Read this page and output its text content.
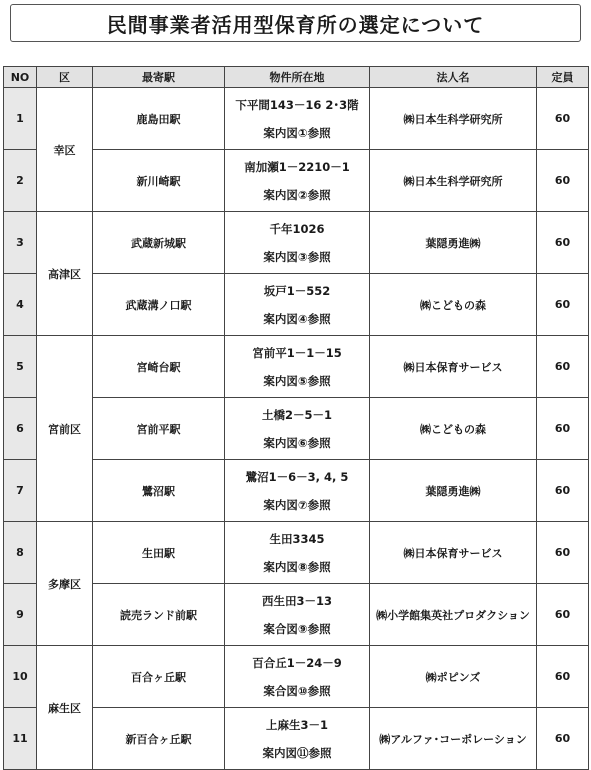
民間事業者活用型保育所の選定について
NO	区	最寄駅	物件所在地	法人名	定員
1	幸区	鹿島田駅	下平間143－16 2･3階
案内図①参照	㈱日本生科学研究所	60
2		新川崎駅	南加瀬1－2210－1
案内図②参照	㈱日本生科学研究所	60
3	高津区	武蔵新城駅	千年1026
案内図③参照	葉隠勇進㈱	60
4		武蔵溝ノ口駅	坂戸1－552
案内図④参照	㈱こどもの森	60
5	宮前区	宮崎台駅	宮前平1－1－15
案内図⑤参照	㈱日本保育サービス	60
6		宮前平駅	土橋2－5－1
案内図⑥参照	㈱こどもの森	60
7		鷺沼駅	鷺沼1－6－3, 4, 5
案内図⑦参照	葉隠勇進㈱	60
8	多摩区	生田駅	生田3345
案内図⑧参照	㈱日本保育サービス	60
9		読売ランド前駅	西生田3－13
案合図⑨参照	㈱小学館集英社プロダクション	60
10	麻生区	百合ヶ丘駅	百合丘1－24－9
案合図⑩参照	㈱ポピンズ	60
11		新百合ヶ丘駅	上麻生3－1
案内図⑪参照	㈱アルファ･コーポレーション	60
